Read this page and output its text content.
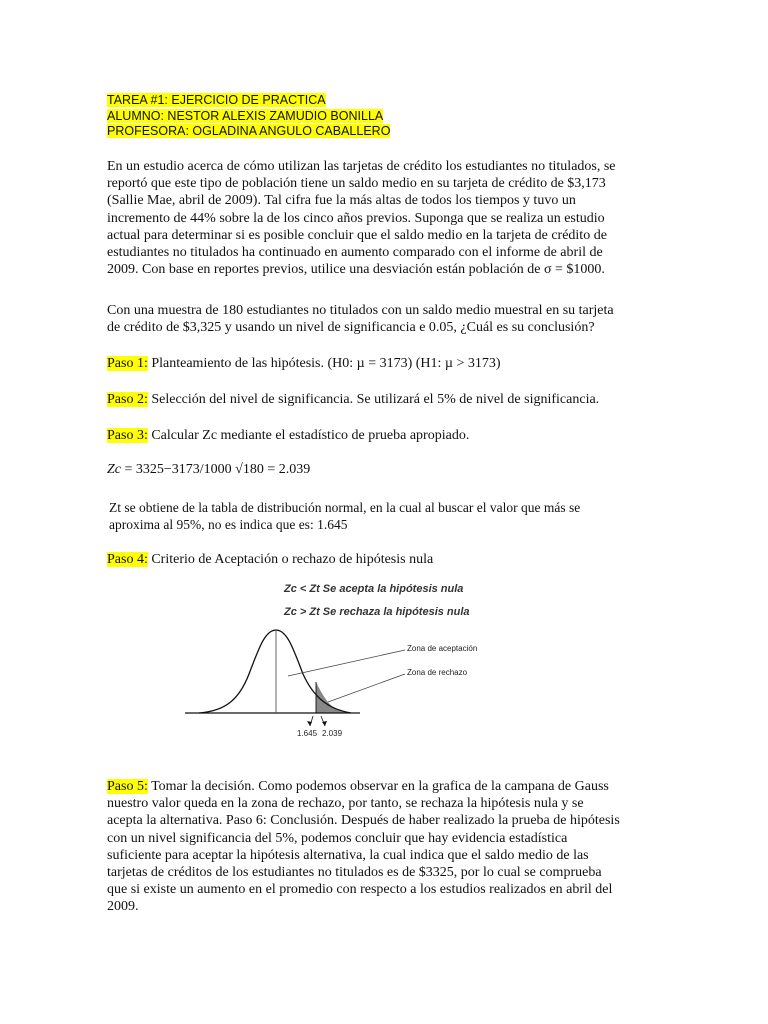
TAREA #1: EJERCICIO DE PRACTICA
ALUMNO: NESTOR ALEXIS ZAMUDIO BONILLA
PROFESORA: OGLADINA ANGULO CABALLERO

En un estudio acerca de cómo utilizan las tarjetas de crédito los estudiantes no titulados, se

reportó que este tipo de población tiene un saldo medio en su tarjeta de crédito de $3,173

(Sallie Mae, abril de 2009). Tal cifra fue la más altas de todos los tiempos y tuvo un

incremento de 44% sobre la de los cinco años previos. Suponga que se realiza un estudio

actual para determinar si es posible concluir que el saldo medio en la tarjeta de crédito de

estudiantes no titulados ha continuado en aumento comparado con el informe de abril de

2009. Con base en reportes previos, utilice una desviación están población de σ = $1000.

Con una muestra de 180 estudiantes no titulados con un saldo medio muestral en su tarjeta

de crédito de $3,325 y usando un nivel de significancia e 0.05, ¿Cuál es su conclusión?

Paso 1: Planteamiento de las hipótesis. (H0: µ = 3173) (H1: µ > 3173)

Paso 2: Selección del nivel de significancia. Se utilizará el 5% de nivel de significancia.

Paso 3: Calcular Zc mediante el estadístico de prueba apropiado.

Zc = 3325−3173/1000 √180 = 2.039

Zt se obtiene de la tabla de distribución normal, en la cual al buscar el valor que más se

aproxima al 95%, no es indica que es: 1.645

Paso 4: Criterio de Aceptación o rechazo de hipótesis nula

Paso 5: Tomar la decisión. Como podemos observar en la grafica de la campana de Gauss

nuestro valor queda en la zona de rechazo, por tanto, se rechaza la hipótesis nula y se

acepta la alternativa. Paso 6: Conclusión. Después de haber realizado la prueba de hipótesis

con un nivel significancia del 5%, podemos concluir que hay evidencia estadística

suficiente para aceptar la hipótesis alternativa, la cual indica que el saldo medio de las

tarjetas de créditos de los estudiantes no titulados es de $3325, por lo cual se comprueba

que si existe un aumento en el promedio con respecto a los estudios realizados en abril del

2009.

Zc < Zt Se acepta la hipótesis nula
Zc > Zt Se rechaza la hipótesis nula
Zona de aceptación
Zona de rechazo
1.645 2.039
